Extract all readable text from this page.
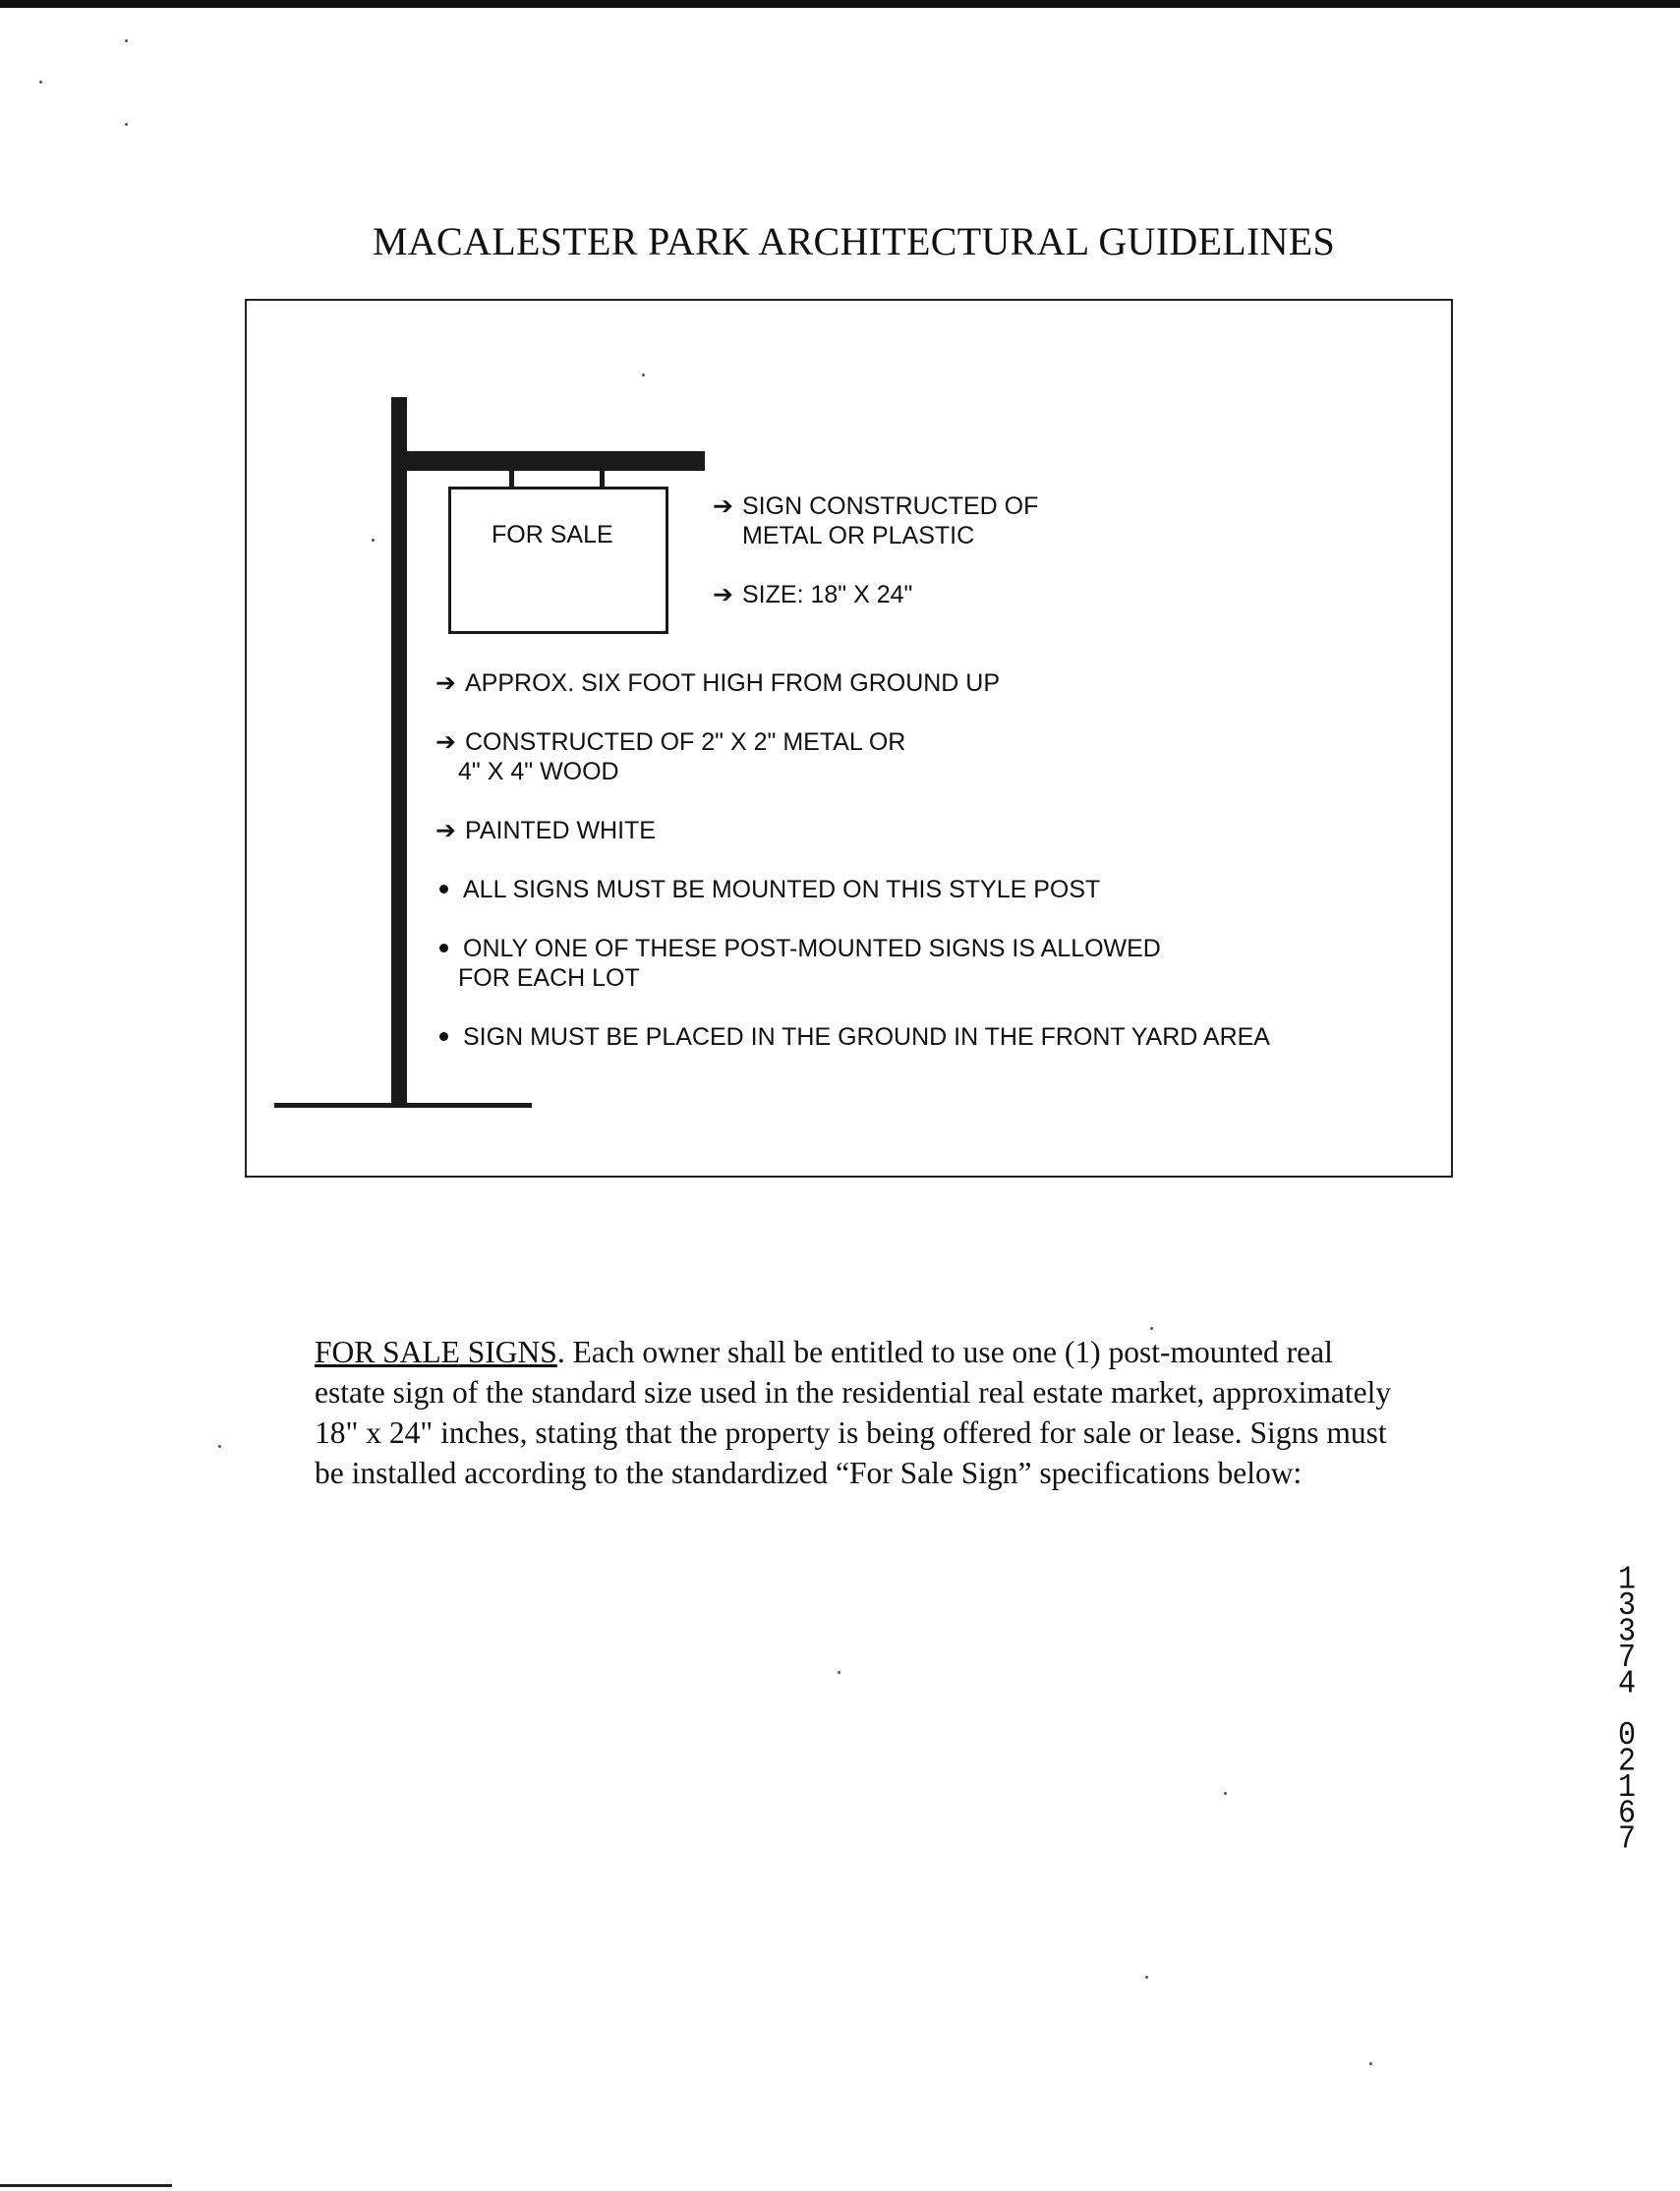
MACALESTER PARK ARCHITECTURAL GUIDELINES
FOR SALE
➔ SIGN CONSTRUCTED OF
METAL OR PLASTIC
➔ SIZE: 18" X 24"
➔ APPROX. SIX FOOT HIGH FROM GROUND UP
➔ CONSTRUCTED OF 2" X 2" METAL OR
4" X 4" WOOD
➔ PAINTED WHITE
ALL SIGNS MUST BE MOUNTED ON THIS STYLE POST
ONLY ONE OF THESE POST-MOUNTED SIGNS IS ALLOWED
FOR EACH LOT
SIGN MUST BE PLACED IN THE GROUND IN THE FRONT YARD AREA
FOR SALE SIGNS. Each owner shall be entitled to use one (1) post-mounted real estate sign of the standard size used in the residential real estate market, approximately 18" x 24" inches, stating that the property is being offered for sale or lease. Signs must be installed according to the standardized “For Sale Sign” specifications below:
1
3
3
7
4
0
2
1
6
7
